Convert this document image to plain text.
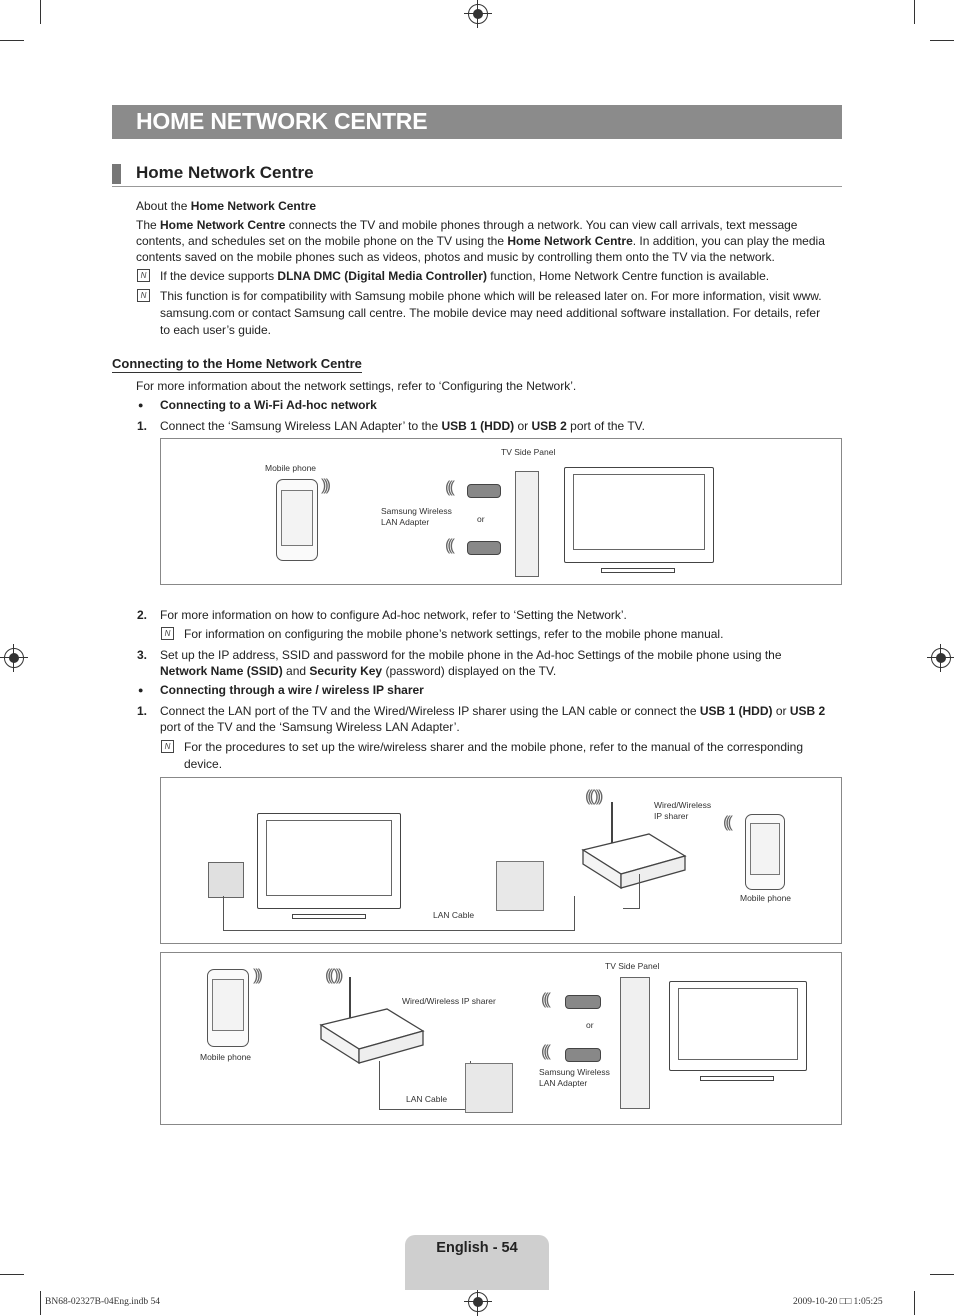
HOME NETWORK CENTRE
Home Network Centre
About the Home Network Centre
The Home Network Centre connects the TV and mobile phones through a network. You can view call arrivals, text message
contents, and schedules set on the mobile phone on the TV using the Home Network Centre. In addition, you can play the media
contents saved on the mobile phones such as videos, photos and music by controlling them onto the TV via the network.
N	If the device supports DLNA DMC (Digital Media Controller) function, Home Network Centre function is available.
N	This function is for compatibility with Samsung mobile phone which will be released later on. For more information, visit www.
samsung.com or contact Samsung call centre. The mobile device may need additional software installation. For details, refer
to each user’s guide.
Connecting to the Home Network Centre
For more information about the network settings, refer to ‘Configuring the Network’.
● Connecting to a Wi-Fi Ad-hoc network
1. Connect the ‘Samsung Wireless LAN Adapter’ to the USB 1 (HDD) or USB 2 port of the TV.
Mobile phone
)))
TV Side Panel
Samsung Wireless
LAN Adapter
(((
or
(((
2. For more information on how to configure Ad-hoc network, refer to ‘Setting the Network’.
N	For information on configuring the mobile phone’s network settings, refer to the mobile phone manual.
3. Set up the IP address, SSID and password for the mobile phone in the Ad-hoc Settings of the mobile phone using the
Network Name (SSID) and Security Key (password) displayed on the TV.
● Connecting through a wire / wireless IP sharer
1. Connect the LAN port of the TV and the Wired/Wireless IP sharer using the LAN cable or connect the USB 1 (HDD) or USB 2
port of the TV and the ‘Samsung Wireless LAN Adapter’.
N	For the procedures to set up the wire/wireless sharer and the mobile phone, refer to the manual of the corresponding
device.
LAN Cable
((( )))	Wired/Wireless
IP sharer	(((
Mobile phone
)))
Mobile phone
((( )))
Wired/Wireless IP sharer
LAN Cable
TV Side Panel
(((
or
(((
Samsung Wireless
LAN Adapter
English - 54
BN68-02327B-04Eng.indb 54	2009-10-20 □□ 1:05:25
